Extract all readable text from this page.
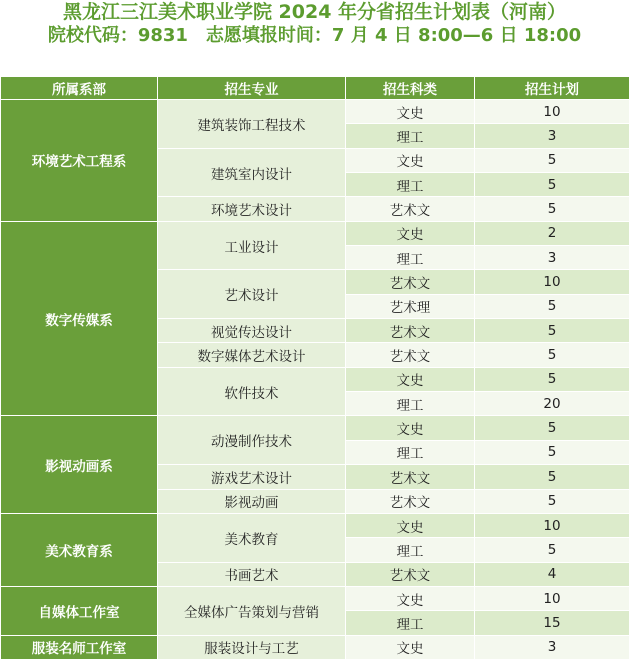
黑龙江三江美术职业学院 2024 年分省招生计划表（河南）
院校代码：9831　志愿填报时间：7 月 4 日 8:00—6 日 18:00
所属系部	招生专业	招生科类	招生计划
环境艺术工程系	建筑装饰工程技术	文史	10
		理工	3
	建筑室内设计	文史	5
		理工	5
	环境艺术设计	艺术文	5
数字传媒系	工业设计	文史	2
		理工	3
	艺术设计	艺术文	10
		艺术理	5
	视觉传达设计	艺术文	5
	数字媒体艺术设计	艺术文	5
	软件技术	文史	5
		理工	20
影视动画系	动漫制作技术	文史	5
		理工	5
	游戏艺术设计	艺术文	5
	影视动画	艺术文	5
美术教育系	美术教育	文史	10
		理工	5
	书画艺术	艺术文	4
自媒体工作室	全媒体广告策划与营销	文史	10
		理工	15
服装名师工作室	服装设计与工艺	文史	3
